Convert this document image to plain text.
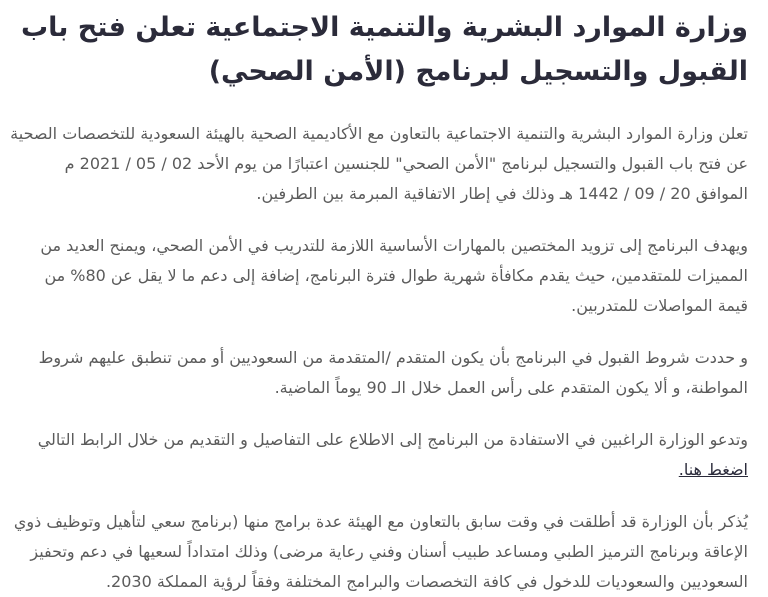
وزارة الموارد البشرية والتنمية الاجتماعية تعلن فتح باب القبول والتسجيل لبرنامج (الأمن الصحي)

تعلن وزارة الموارد البشرية والتنمية الاجتماعية بالتعاون مع الأكاديمية الصحية بالهيئة السعودية للتخصصات الصحية عن فتح باب القبول والتسجيل لبرنامج "الأمن الصحي" للجنسين اعتبارًا من يوم الأحد 02 / 05 / 2021 م الموافق 20 / 09 / 1442 هـ وذلك في إطار الاتفاقية المبرمة بين الطرفين.

ويهدف البرنامج إلى تزويد المختصين بالمهارات الأساسية اللازمة للتدريب في الأمن الصحي، ويمنح العديد من المميزات للمتقدمين، حيث يقدم مكافأة شهرية طوال فترة البرنامج، إضافة إلى دعم ما لا يقل عن 80% من قيمة المواصلات للمتدربين.

و حددت شروط القبول في البرنامج بأن يكون المتقدم /المتقدمة من السعوديين أو ممن تنطبق عليهم شروط المواطنة، و ألا يكون المتقدم على رأس العمل خلال الـ 90 يوماً الماضية.

وتدعو الوزارة الراغبين في الاستفادة من البرنامج إلى الاطلاع على التفاصيل و التقديم من خلال الرابط التالي
اضغط هنا.

يُذكر بأن الوزارة قد أطلقت في وقت سابق بالتعاون مع الهيئة عدة برامج منها (برنامج سعي لتأهيل وتوظيف ذوي الإعاقة وبرنامج الترميز الطبي ومساعد طبيب أسنان وفني رعاية مرضى) وذلك امتداداً لسعيها في دعم وتحفيز السعوديين والسعوديات للدخول في كافة التخصصات والبرامج المختلفة وفقاً لرؤية المملكة 2030.
